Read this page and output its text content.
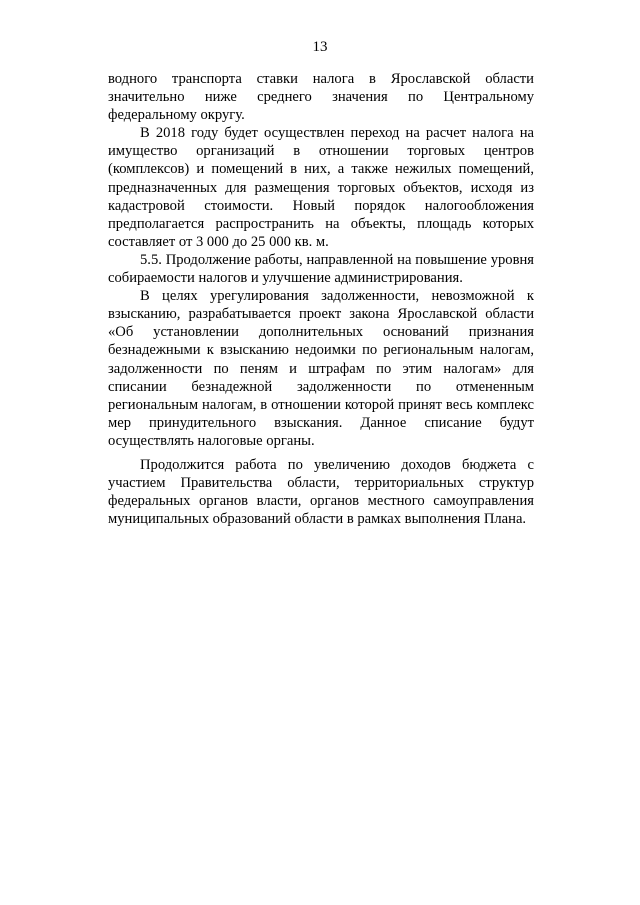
13

водного транспорта ставки налога в Ярославской области значительно ниже среднего значения по Центральному федеральному округу.

В 2018 году будет осуществлен переход на расчет налога на имущество организаций в отношении торговых центров (комплексов) и помещений в них, а также нежилых помещений, предназначенных для размещения торговых объектов, исходя из кадастровой стоимости. Новый порядок налогообложения предполагается распространить на объекты, площадь которых составляет от 3 000 до 25 000 кв. м.

5.5. Продолжение работы, направленной на повышение уровня собираемости налогов и улучшение администрирования.

В целях урегулирования задолженности, невозможной к взысканию, разрабатывается проект закона Ярославской области «Об установлении дополнительных оснований признания безнадежными к взысканию недоимки по региональным налогам, задолженности по пеням и штрафам по этим налогам» для списании безнадежной задолженности по отмененным региональным налогам, в отношении которой принят весь комплекс мер принудительного взыскания. Данное списание будут осуществлять налоговые органы.

Продолжится работа по увеличению доходов бюджета с участием Правительства области, территориальных структур федеральных органов власти, органов местного самоуправления муниципальных образований области в рамках выполнения Плана.
